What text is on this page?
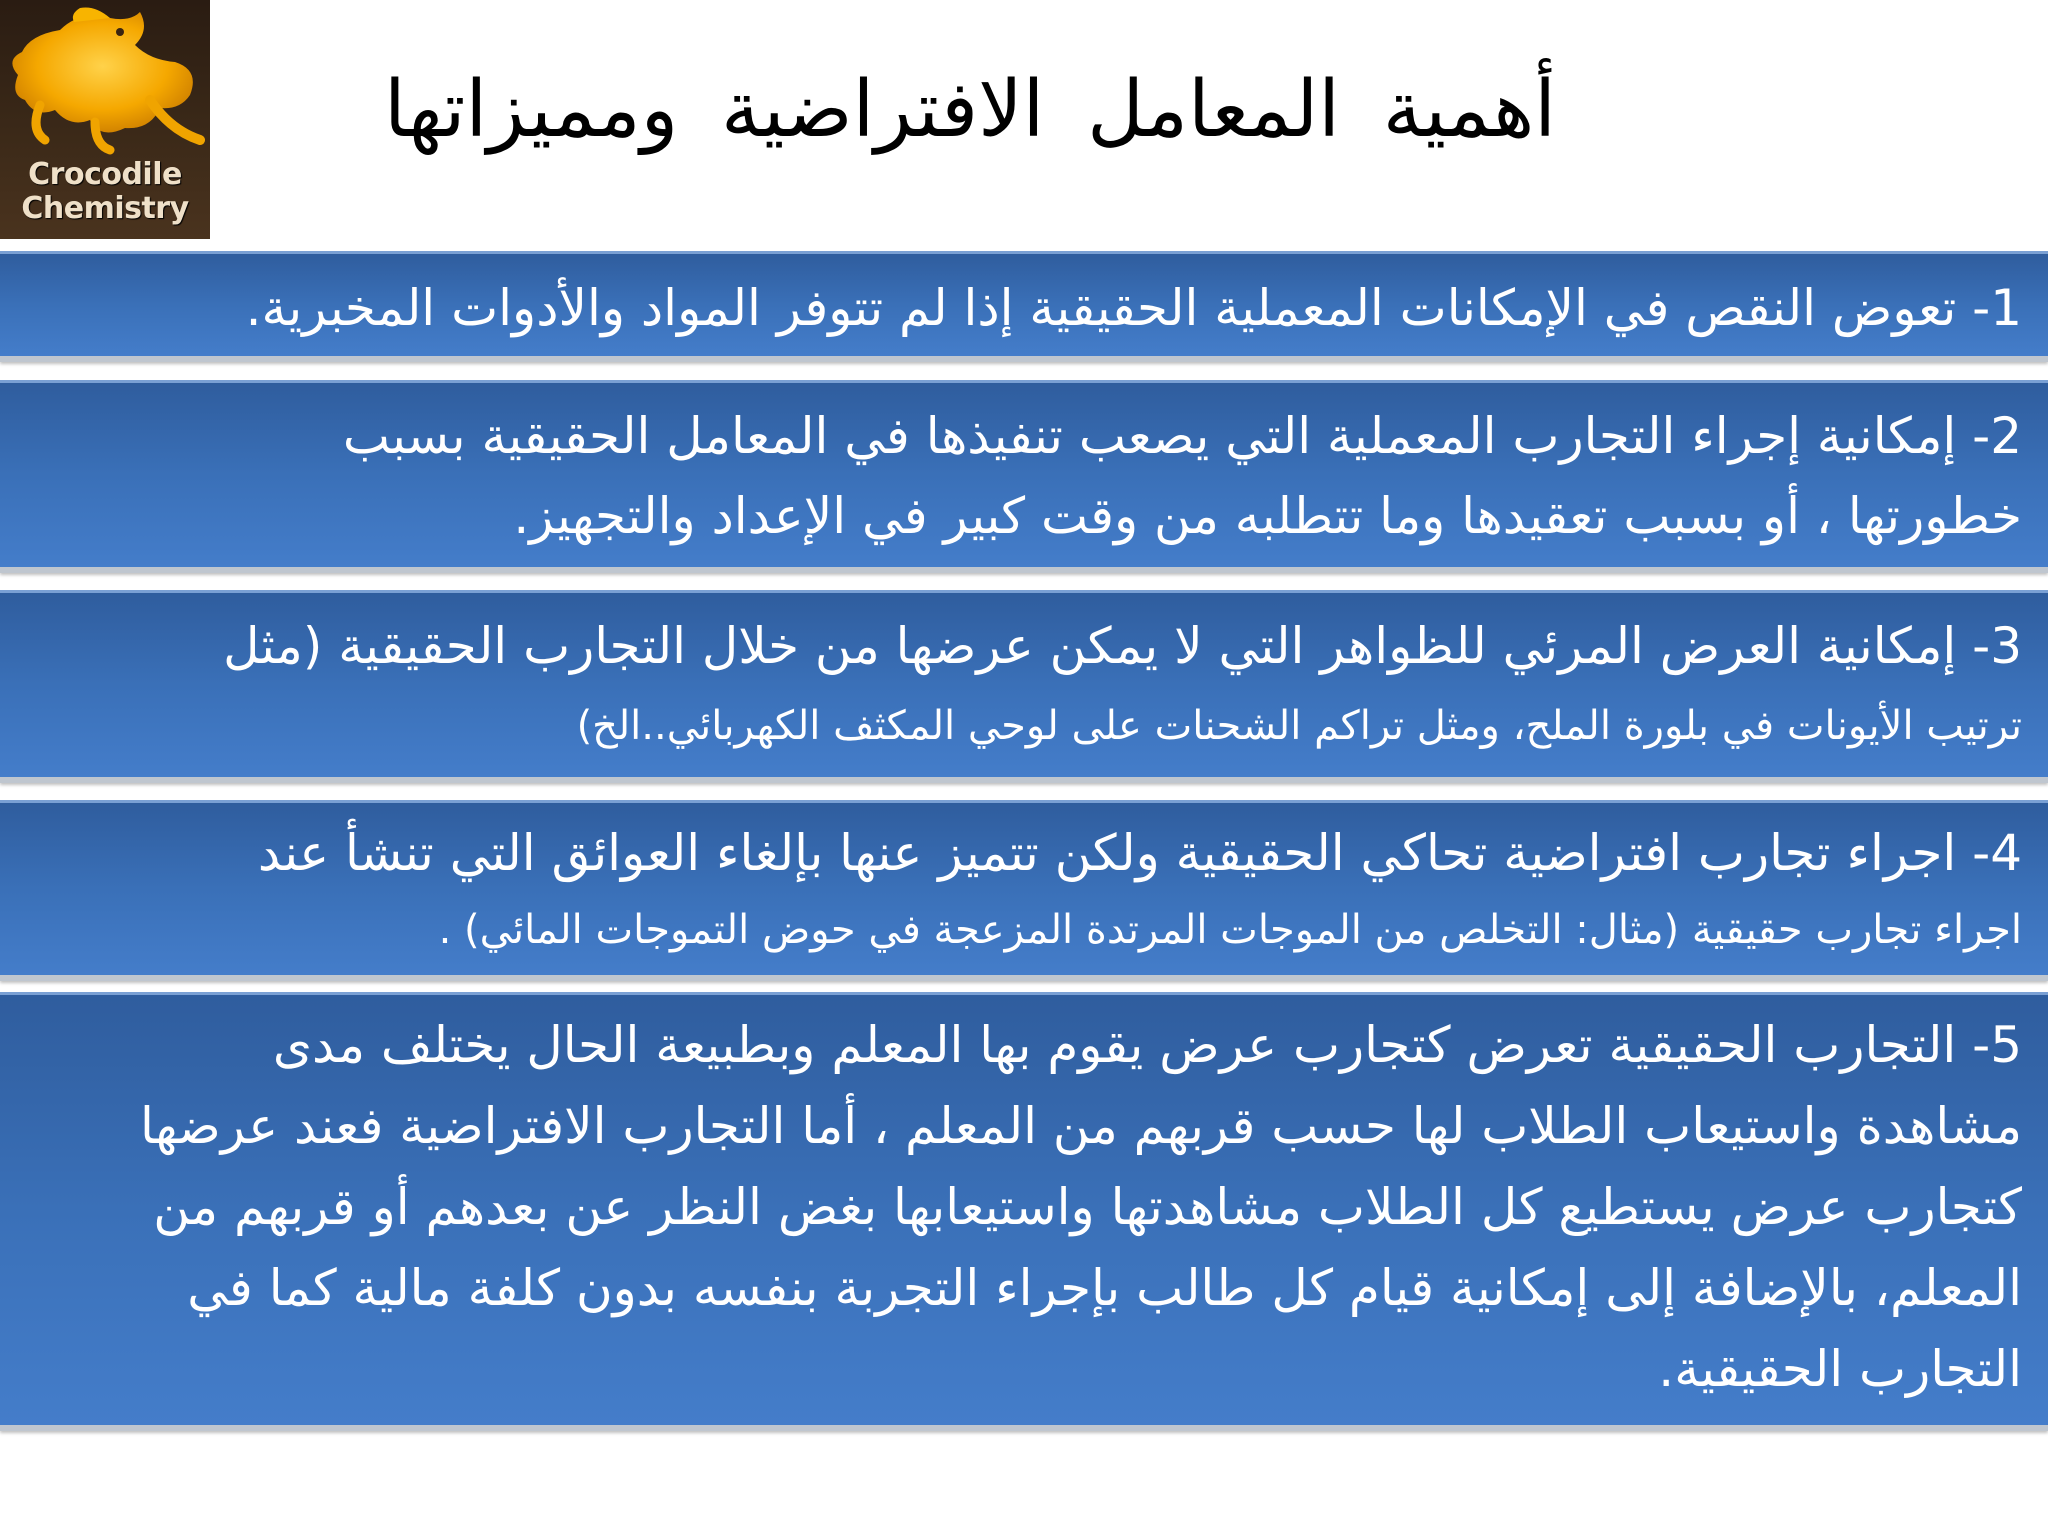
Crocodile
Chemistry
أهمية المعامل الافتراضية ومميزاتها
1- تعوض النقص في الإمكانات المعملية الحقيقية إذا لم تتوفر المواد والأدوات المخبرية.
2- إمكانية إجراء التجارب المعملية التي يصعب تنفيذها في المعامل الحقيقية بسبب
خطورتها ، أو بسبب تعقيدها وما تتطلبه من وقت كبير في الإعداد والتجهيز.
3- إمكانية العرض المرئي للظواهر التي لا يمكن عرضها من خلال التجارب الحقيقية (مثل
ترتيب الأيونات في بلورة الملح، ومثل تراكم الشحنات على لوحي المكثف الكهربائي..الخ)
4- اجراء تجارب افتراضية تحاكي الحقيقية ولكن تتميز عنها بإلغاء العوائق التي تنشأ عند
اجراء تجارب حقيقية (مثال: التخلص من الموجات المرتدة المزعجة في حوض التموجات المائي) .
5- التجارب الحقيقية تعرض كتجارب عرض يقوم بها المعلم وبطبيعة الحال يختلف مدى
مشاهدة واستيعاب الطلاب لها حسب قربهم من المعلم ، أما التجارب الافتراضية فعند عرضها
كتجارب عرض يستطيع كل الطلاب مشاهدتها واستيعابها بغض النظر عن بعدهم أو قربهم من
المعلم، بالإضافة إلى إمكانية قيام كل طالب بإجراء التجربة بنفسه بدون كلفة مالية كما في
التجارب الحقيقية.
